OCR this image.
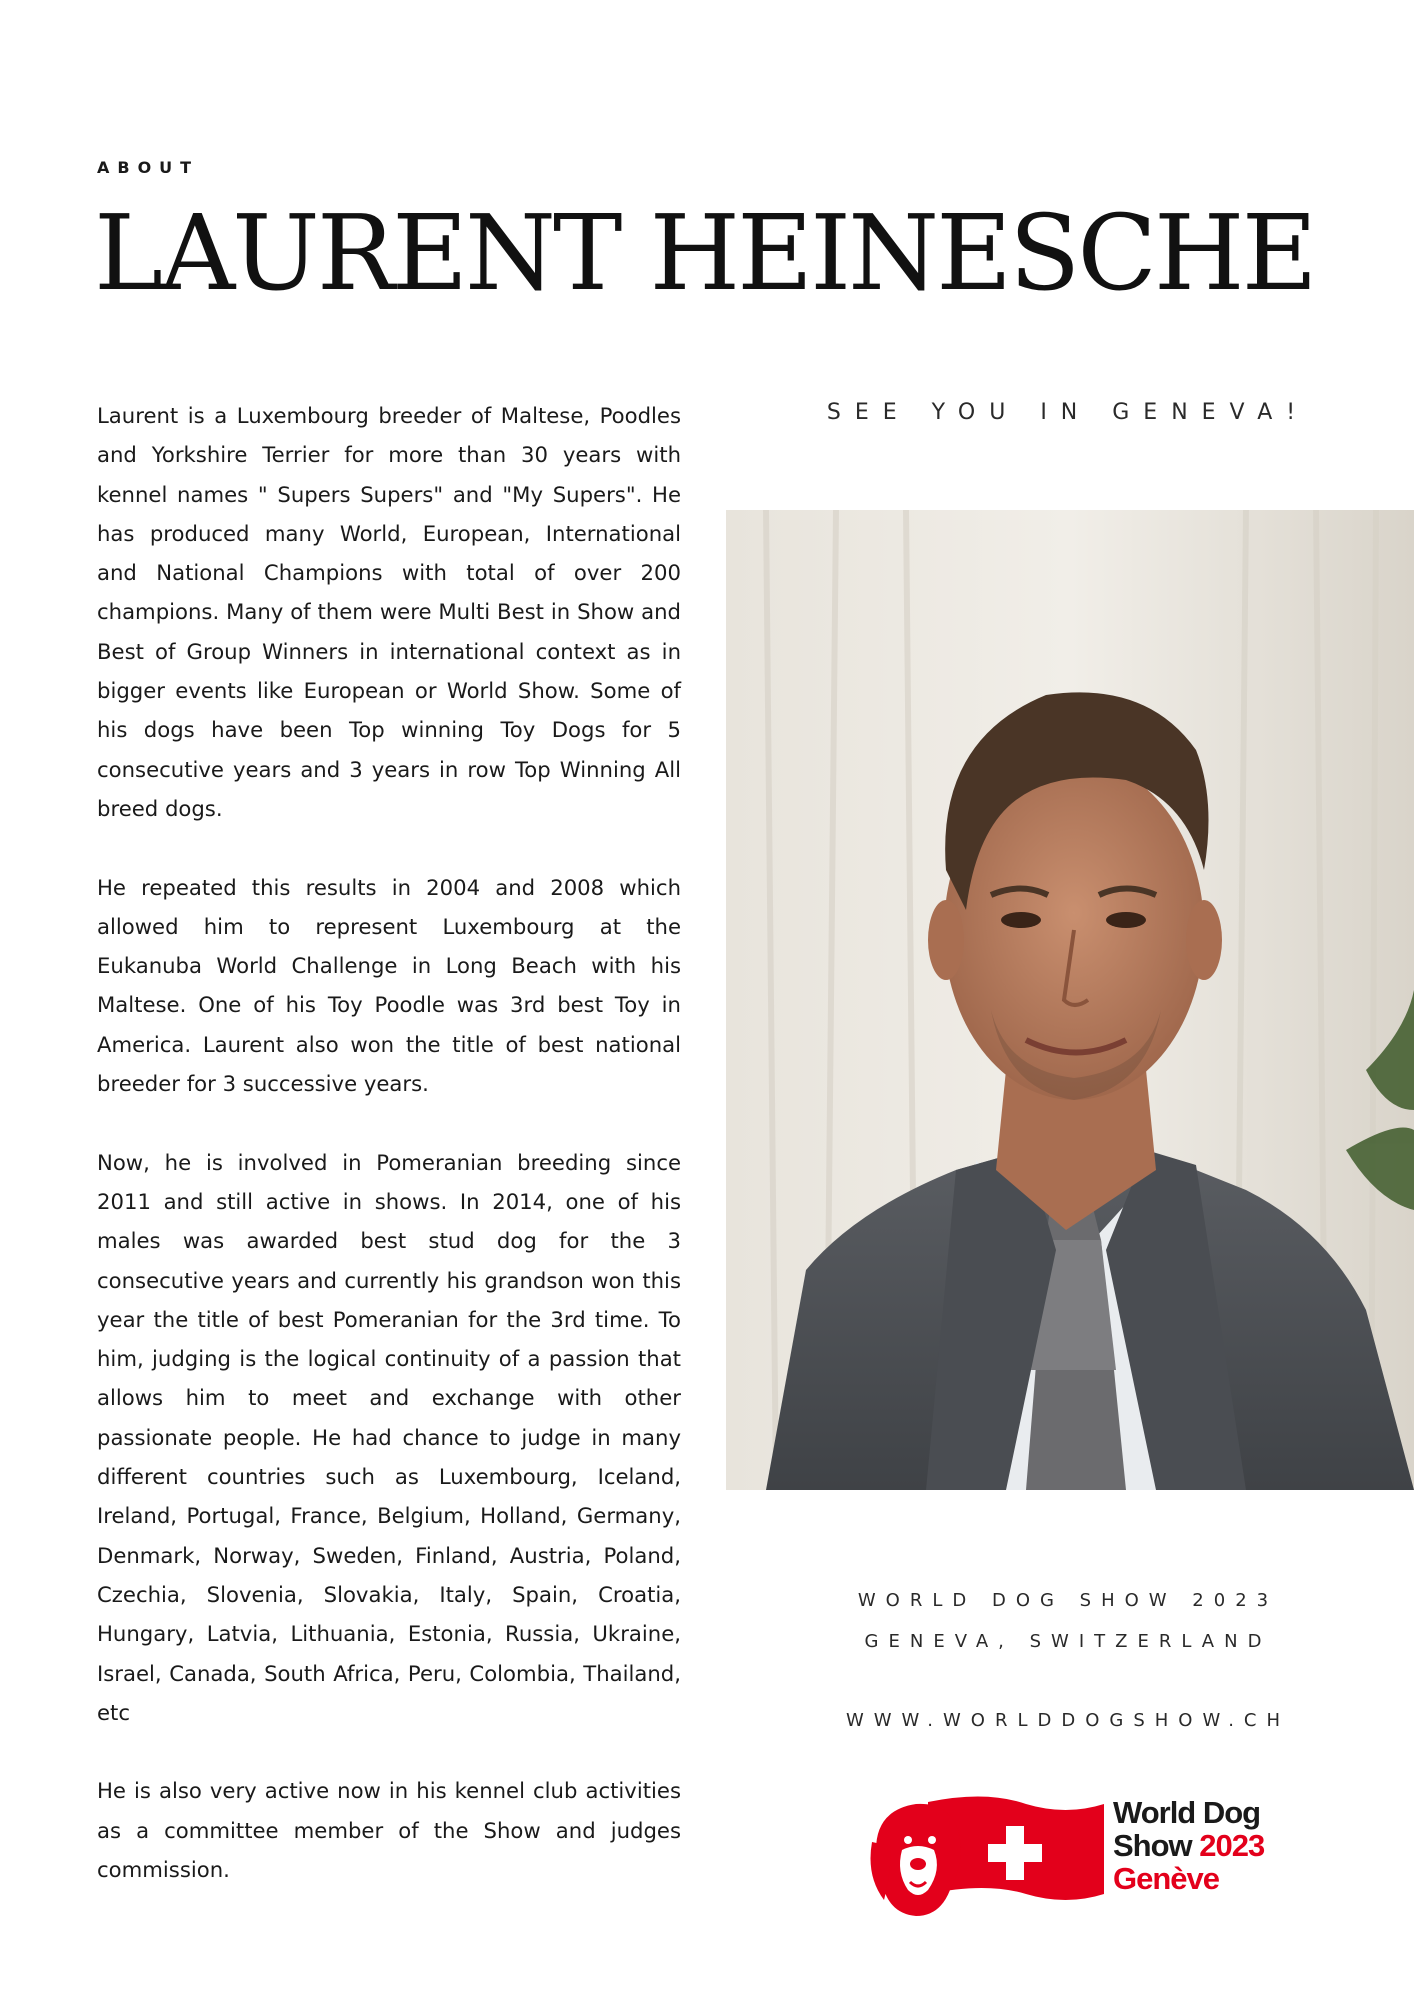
ABOUT
LAURENT HEINESCHE

Laurent is a Luxembourg breeder of Maltese, Poodles and Yorkshire Terrier for more than 30 years with kennel names " Supers Supers" and "My Supers". He has produced many World, European, International and National Champions with total of over 200 champions. Many of them were Multi Best in Show and Best of Group Winners in international context as in bigger events like European or World Show. Some of his dogs have been Top winning Toy Dogs for 5 consecutive years and 3 years in row Top Winning All breed dogs.

He repeated this results in 2004 and 2008 which allowed him to represent Luxembourg at the Eukanuba World Challenge in Long Beach with his Maltese. One of his Toy Poodle was 3rd best Toy in America. Laurent also won the title of best national breeder for 3 successive years.

Now, he is involved in Pomeranian breeding since 2011 and still active in shows. In 2014, one of his males was awarded best stud dog for the 3 consecutive years and currently his grandson won this year the title of best Pomeranian for the 3rd time. To him, judging is the logical continuity of a passion that allows him to meet and exchange with other passionate people. He had chance to judge in many different countries such as Luxembourg, Iceland, Ireland, Portugal, France, Belgium, Holland, Germany, Denmark, Norway, Sweden, Finland, Austria, Poland, Czechia, Slovenia, Slovakia, Italy, Spain, Croatia, Hungary, Latvia, Lithuania, Estonia, Russia, Ukraine, Israel, Canada, South Africa, Peru, Colombia, Thailand, etc

He is also very active now in his kennel club activities as a committee member of the Show and judges commission.

SEE YOU IN GENEVA!
WORLD DOG SHOW 2023
GENEVA, SWITZERLAND
WWW.WORLDDOGSHOW.CH
World Dog
Show 2023
Genève
